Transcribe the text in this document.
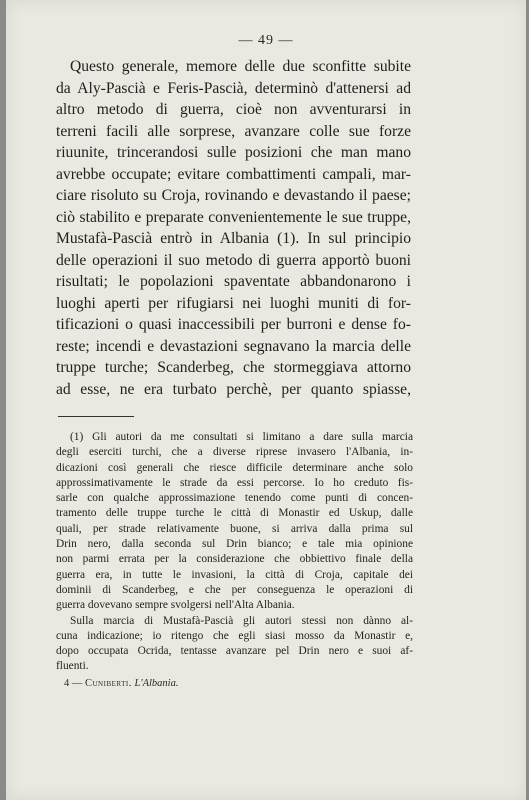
— 49 —
Questo generale, memore delle due sconfitte subite
da Aly-Pascià e Feris-Pascià, determinò d'attenersi ad
altro metodo di guerra, cioè non avventurarsi in
terreni facili alle sorprese, avanzare colle sue forze
riuunite, trincerandosi sulle posizioni che man mano
avrebbe occupate; evitare combattimenti campali, mar-
ciare risoluto su Croja, rovinando e devastando il paese;
ciò stabilito e preparate convenientemente le sue truppe,
Mustafà-Pascià entrò in Albania (1). In sul principio
delle operazioni il suo metodo di guerra apportò buoni
risultati; le popolazioni spaventate abbandonarono i
luoghi aperti per rifugiarsi nei luoghi muniti di for-
tificazioni o quasi inaccessibili per burroni e dense fo-
reste; incendi e devastazioni segnavano la marcia delle
truppe turche; Scanderbeg, che stormeggiava attorno
ad esse, ne era turbato perchè, per quanto spiasse,
(1) Gli autori da me consultati si limitano a dare sulla marcia
degli eserciti turchi, che a diverse riprese invasero l'Albania, in-
dicazioni così generali che riesce difficile determinare anche solo
approssimativamente le strade da essi percorse. Io ho creduto fis-
sarle con qualche approssimazione tenendo come punti di concen-
tramento delle truppe turche le città di Monastir ed Uskup, dalle
quali, per strade relativamente buone, si arriva dalla prima sul
Drin nero, dalla seconda sul Drin bianco; e tale mia opinione
non parmi errata per la considerazione che obbiettivo finale della
guerra era, in tutte le invasioni, la città di Croja, capitale dei
dominii di Scanderbeg, e che per conseguenza le operazioni di
guerra dovevano sempre svolgersi nell'Alta Albania.
Sulla marcia di Mustafà-Pascià gli autori stessi non dànno al-
cuna indicazione; io ritengo che egli siasi mosso da Monastir e,
dopo occupata Ocrida, tentasse avanzare pel Drin nero e suoi af-
fluenti.
4 — Cuniberti. L'Albania.
